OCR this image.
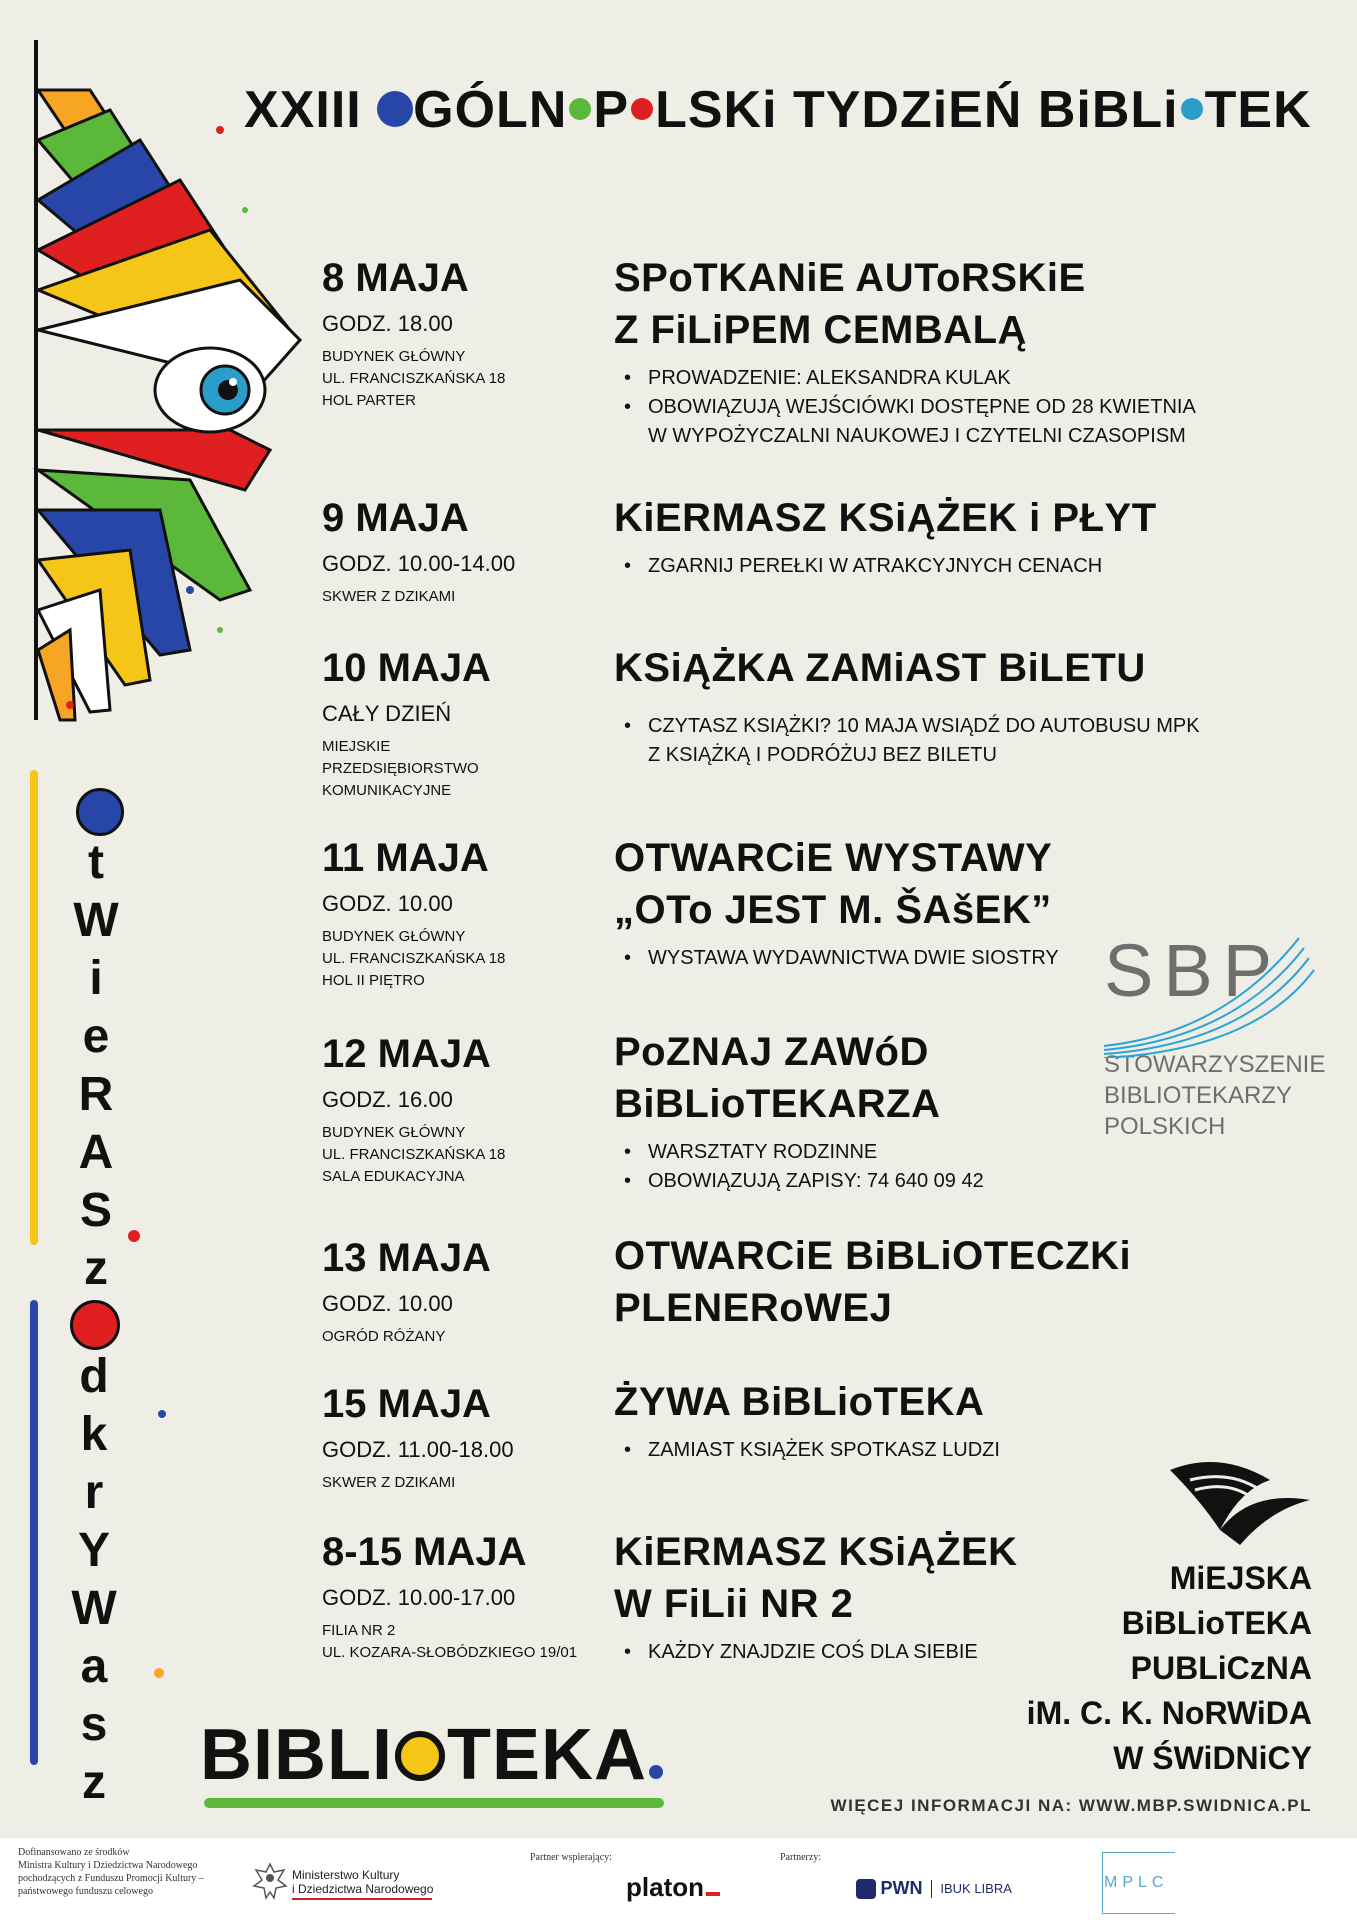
XXIII GÓLN P LSKi TYDZiEŃ BiBLi TEK
8 MAJA
GODZ. 18.00
BUDYNEK GŁÓWNY
UL. FRANCISZKAŃSKA 18
HOL PARTER
SPoTKANiE AUToRSKiE
Z FiLiPEM CEMBALĄ
• PROWADZENIE: ALEKSANDRA KULAK
• OBOWIĄZUJĄ WEJŚCIÓWKI DOSTĘPNE OD 28 KWIETNIA
W WYPOŻYCZALNI NAUKOWEJ I CZYTELNI CZASOPISM
9 MAJA
GODZ. 10.00-14.00
SKWER Z DZIKAMI
KiERMASZ KSiĄŻEK i PŁYT
• ZGARNIJ PEREŁKI W ATRAKCYJNYCH CENACH
10 MAJA
CAŁY DZIEŃ
MIEJSKIE
PRZEDSIĘBIORSTWO
KOMUNIKACYJNE
KSiĄŻKA ZAMiAST BiLETU
• CZYTASZ KSIĄŻKI? 10 MAJA WSIĄDŹ DO AUTOBUSU MPK
Z KSIĄŻKĄ I PODRÓŻUJ BEZ BILETU
11 MAJA
GODZ. 10.00
BUDYNEK GŁÓWNY
UL. FRANCISZKAŃSKA 18
HOL II PIĘTRO
OTWARCiE WYSTAWY
„OTo JEST M. ŠAšEK”
• WYSTAWA WYDAWNICTWA DWIE SIOSTRY
12 MAJA
GODZ. 16.00
BUDYNEK GŁÓWNY
UL. FRANCISZKAŃSKA 18
SALA EDUKACYJNA
PoZNAJ ZAWóD
BiBLioTEKARZA
• WARSZTATY RODZINNE
• OBOWIĄZUJĄ ZAPISY: 74 640 09 42
13 MAJA
GODZ. 10.00
OGRÓD RÓŻANY
OTWARCiE BiBLiOTECZKi
PLENERoWEJ
15 MAJA
GODZ. 11.00-18.00
SKWER Z DZIKAMI
ŻYWA BiBLioTEKA
• ZAMIAST KSIĄŻEK SPOTKASZ LUDZI
8-15 MAJA
GODZ. 10.00-17.00
FILIA NR 2
UL. KOZARA-SŁOBÓDZKIEGO 19/01
KiERMASZ KSiĄŻEK
W FiLii NR 2
• KAŻDY ZNAJDZIE COŚ DLA SIEBIE
t
W
i
e
R
A
S
z
d
k
r
Y
W
a
s
z BIBLI TEKA
SBP
STOWARZYSZENIE
BIBLIOTEKARZY
POLSKICH
MiEJSKA
BiBLioTEKA
PUBLiCzNA
iM. C. K. NoRWiDA
W ŚWiDNiCY
WIĘCEJ INFORMACJI NA: WWW.MBP.SWIDNICA.PL
Dofinansowano ze środków
Ministra Kultury i Dziedzictwa Narodowego
pochodzących z Funduszu Promocji Kultury –
państwowego funduszu celowego
Ministerstwo Kultury
i Dziedzictwa Narodowego
Partner wspierający:
platon
Partnerzy:
PWN IBUK LIBRA	MPLC
